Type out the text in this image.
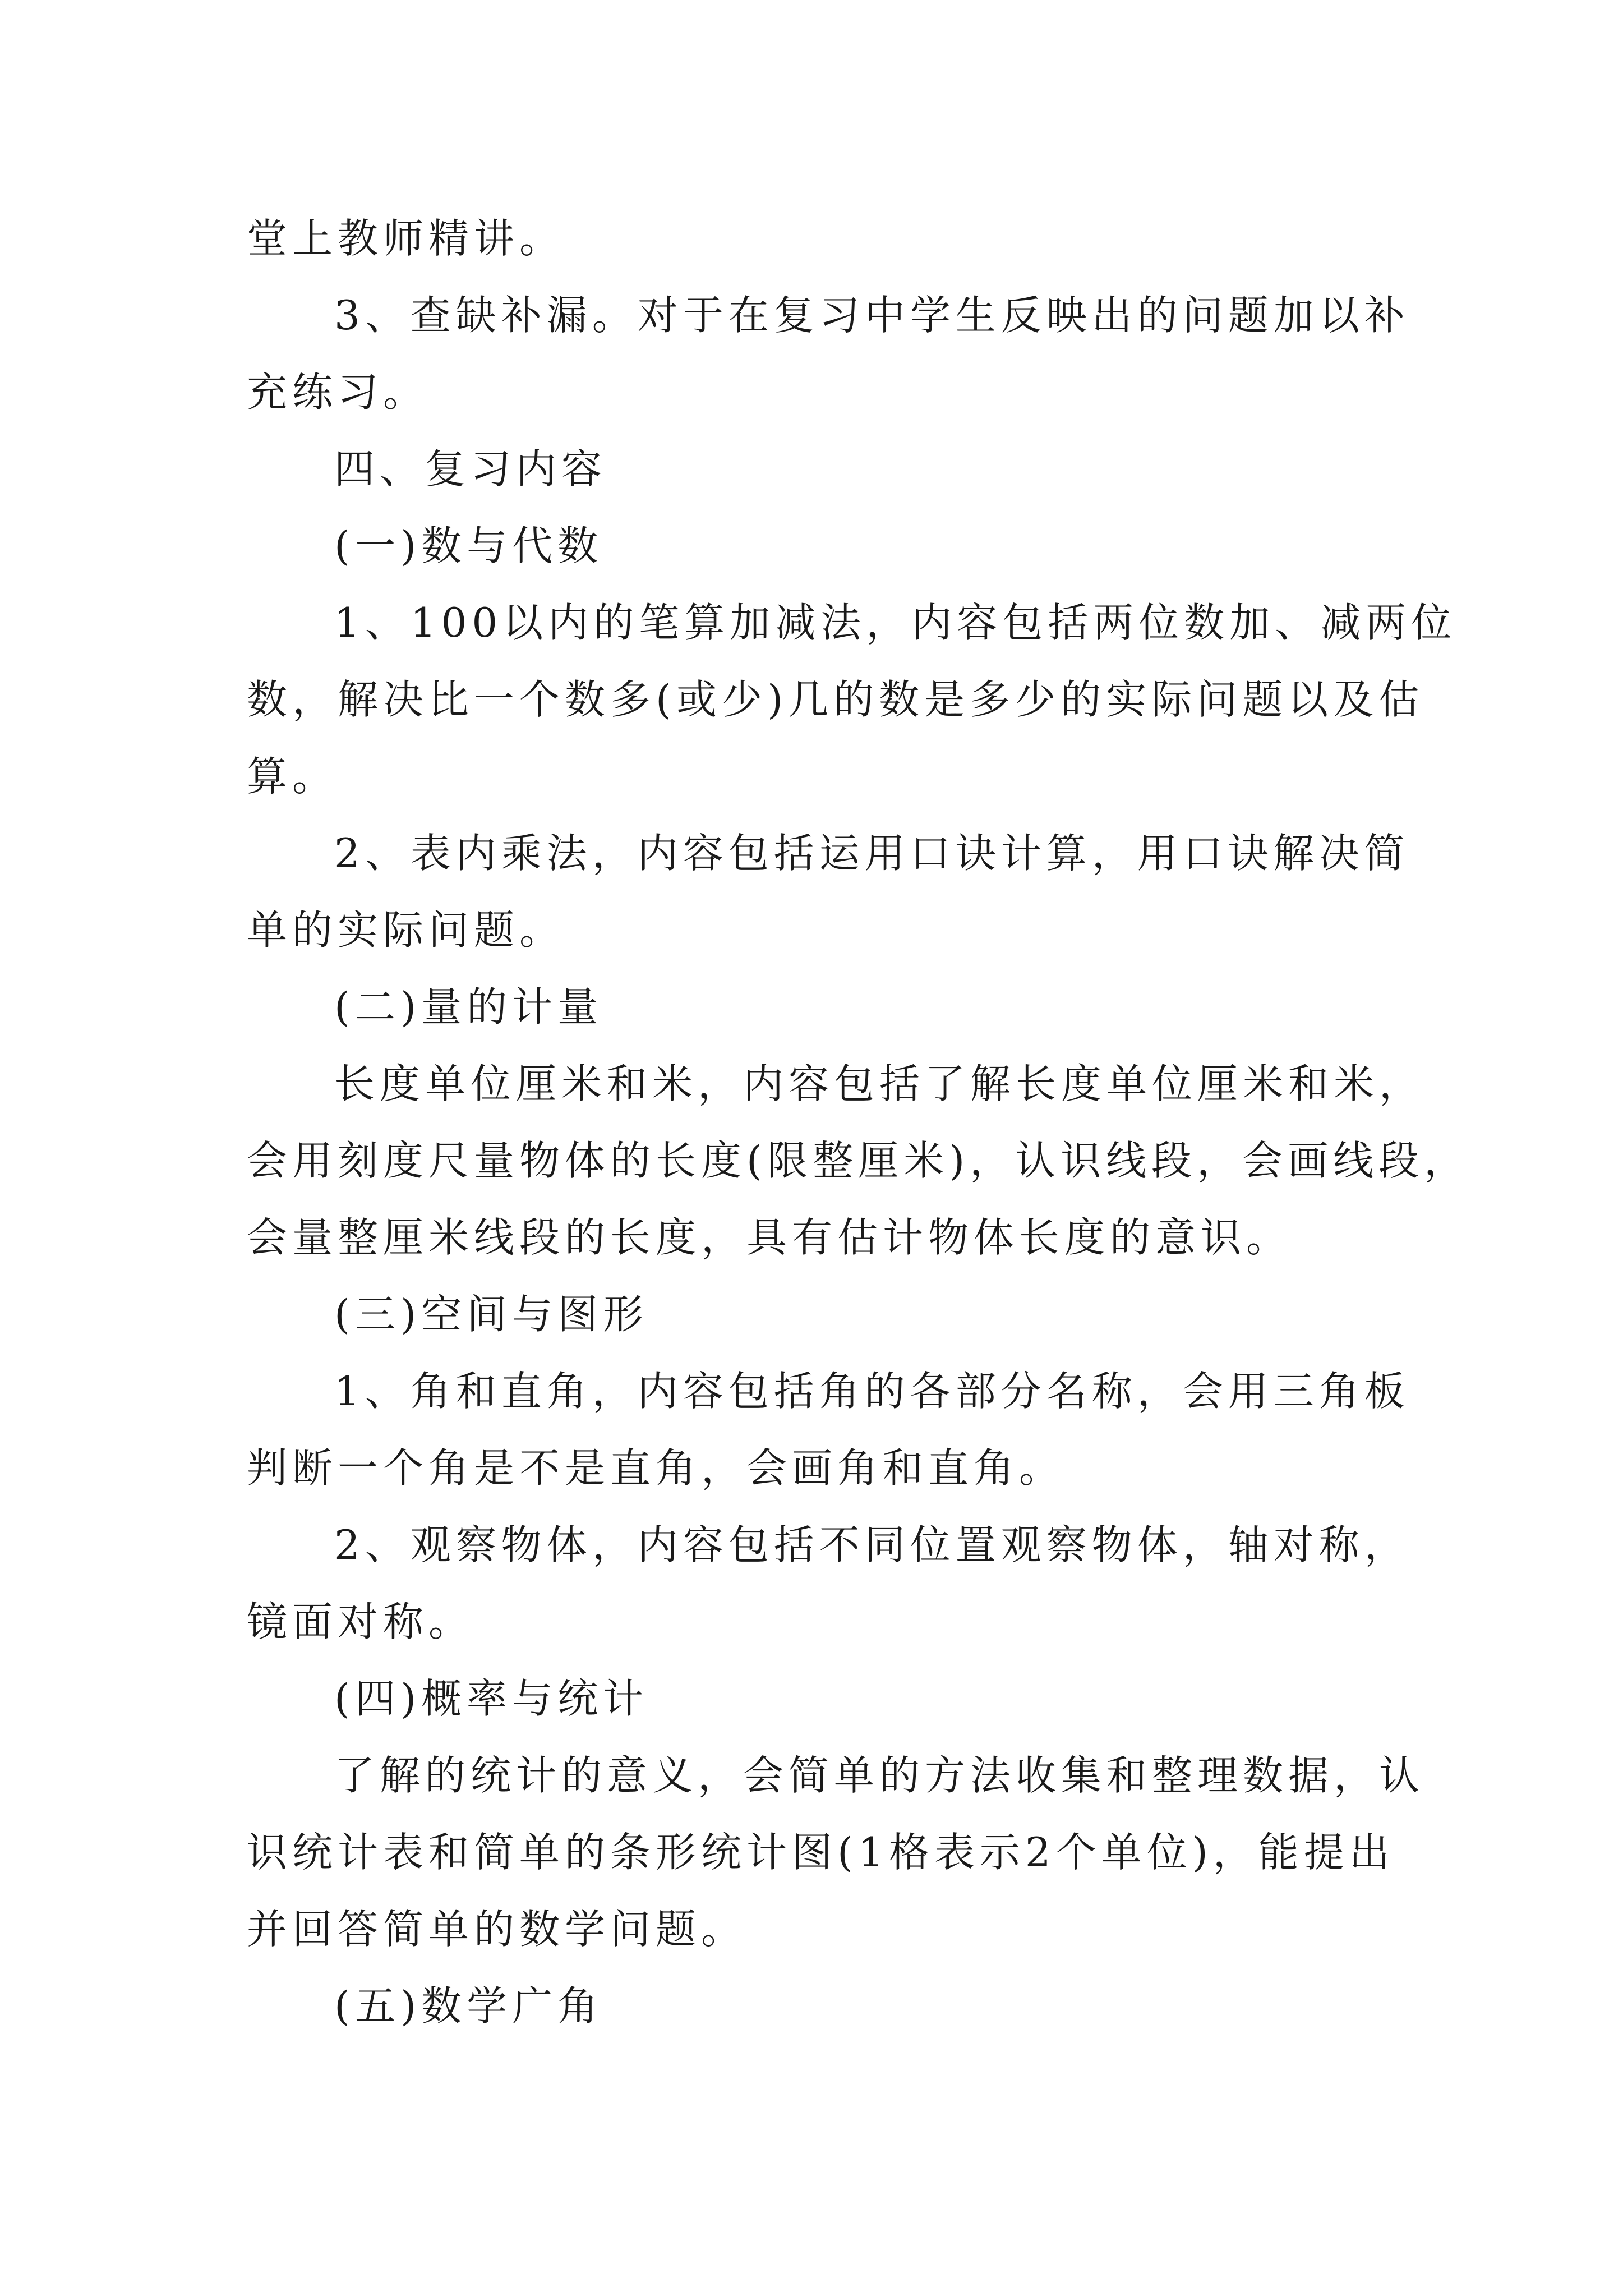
堂上教师精讲。
3、查缺补漏。对于在复习中学生反映出的问题加以补
充练习。
四、复习内容
(一)数与代数
1、100以内的笔算加减法，内容包括两位数加、减两位
数，解决比一个数多(或少)几的数是多少的实际问题以及估
算。
2、表内乘法，内容包括运用口诀计算，用口诀解决简
单的实际问题。
(二)量的计量
长度单位厘米和米，内容包括了解长度单位厘米和米，
会用刻度尺量物体的长度(限整厘米)，认识线段，会画线段，
会量整厘米线段的长度，具有估计物体长度的意识。
(三)空间与图形
1、角和直角，内容包括角的各部分名称，会用三角板
判断一个角是不是直角，会画角和直角。
2、观察物体，内容包括不同位置观察物体，轴对称，
镜面对称。
(四)概率与统计
了解的统计的意义，会简单的方法收集和整理数据，认
识统计表和简单的条形统计图(1格表示2个单位)，能提出
并回答简单的数学问题。
(五)数学广角
